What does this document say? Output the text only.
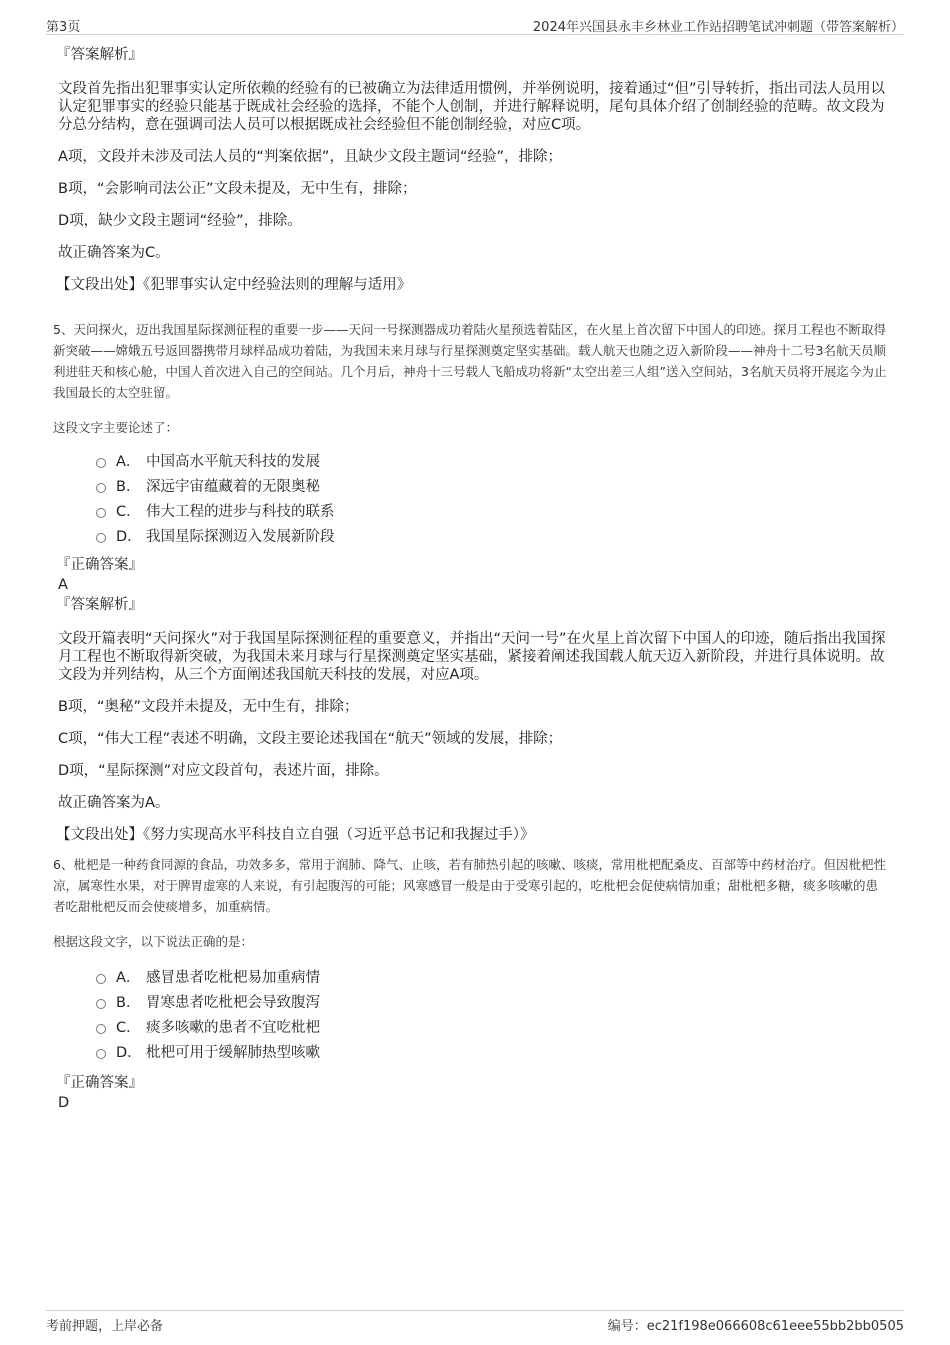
第3页	2024年兴国县永丰乡林业工作站招聘笔试冲刺题（带答案解析）

『答案解析』

文段首先指出犯罪事实认定所依赖的经验有的已被确立为法律适用惯例，并举例说明，接着通过“但”引导转折，指出司法人员用以认定犯罪事实的经验只能基于既成社会经验的选择，不能个人创制，并进行解释说明，尾句具体介绍了创制经验的范畴。故文段为分总分结构，意在强调司法人员可以根据既成社会经验但不能创制经验，对应C项。

A项，文段并未涉及司法人员的“判案依据”，且缺少文段主题词“经验”，排除；

B项，“会影响司法公正”文段未提及，无中生有，排除；

D项，缺少文段主题词“经验”，排除。

故正确答案为C。

【文段出处】《犯罪事实认定中经验法则的理解与适用》

5、天问探火，迈出我国星际探测征程的重要一步——天问一号探测器成功着陆火星预选着陆区，在火星上首次留下中国人的印迹。探月工程也不断取得新突破——嫦娥五号返回器携带月球样品成功着陆，为我国未来月球与行星探测奠定坚实基础。载人航天也随之迈入新阶段——神舟十二号3名航天员顺利进驻天和核心舱，中国人首次进入自己的空间站。几个月后，神舟十三号载人飞船成功将新“太空出差三人组”送入空间站，3名航天员将开展迄今为止我国最长的太空驻留。

这段文字主要论述了：

A． 中国高水平航天科技的发展
B． 深远宇宙蕴藏着的无限奥秘
C． 伟大工程的进步与科技的联系
D． 我国星际探测迈入发展新阶段

『正确答案』

A

『答案解析』

文段开篇表明“天问探火”对于我国星际探测征程的重要意义，并指出“天问一号”在火星上首次留下中国人的印迹，随后指出我国探月工程也不断取得新突破，为我国未来月球与行星探测奠定坚实基础，紧接着阐述我国载人航天迈入新阶段，并进行具体说明。故文段为并列结构，从三个方面阐述我国航天科技的发展，对应A项。

B项，“奥秘”文段并未提及，无中生有，排除；

C项，“伟大工程”表述不明确，文段主要论述我国在“航天”领域的发展，排除；

D项，“星际探测”对应文段首句，表述片面，排除。

故正确答案为A。

【文段出处】《努力实现高水平科技自立自强（习近平总书记和我握过手）》

6、枇杷是一种药食同源的食品，功效多多，常用于润肺、降气、止咳，若有肺热引起的咳嗽、咳痰，常用枇杷配桑皮、百部等中药材治疗。但因枇杷性凉，属寒性水果，对于脾胃虚寒的人来说，有引起腹泻的可能；风寒感冒一般是由于受寒引起的，吃枇杷会促使病情加重；甜枇杷多糖，痰多咳嗽的患者吃甜枇杷反而会使痰增多，加重病情。

根据这段文字，以下说法正确的是：

A． 感冒患者吃枇杷易加重病情
B． 胃寒患者吃枇杷会导致腹泻
C． 痰多咳嗽的患者不宜吃枇杷
D． 枇杷可用于缓解肺热型咳嗽

『正确答案』

D

考前押题，上岸必备	编号：ec21f198e066608c61eee55bb2bb0505
